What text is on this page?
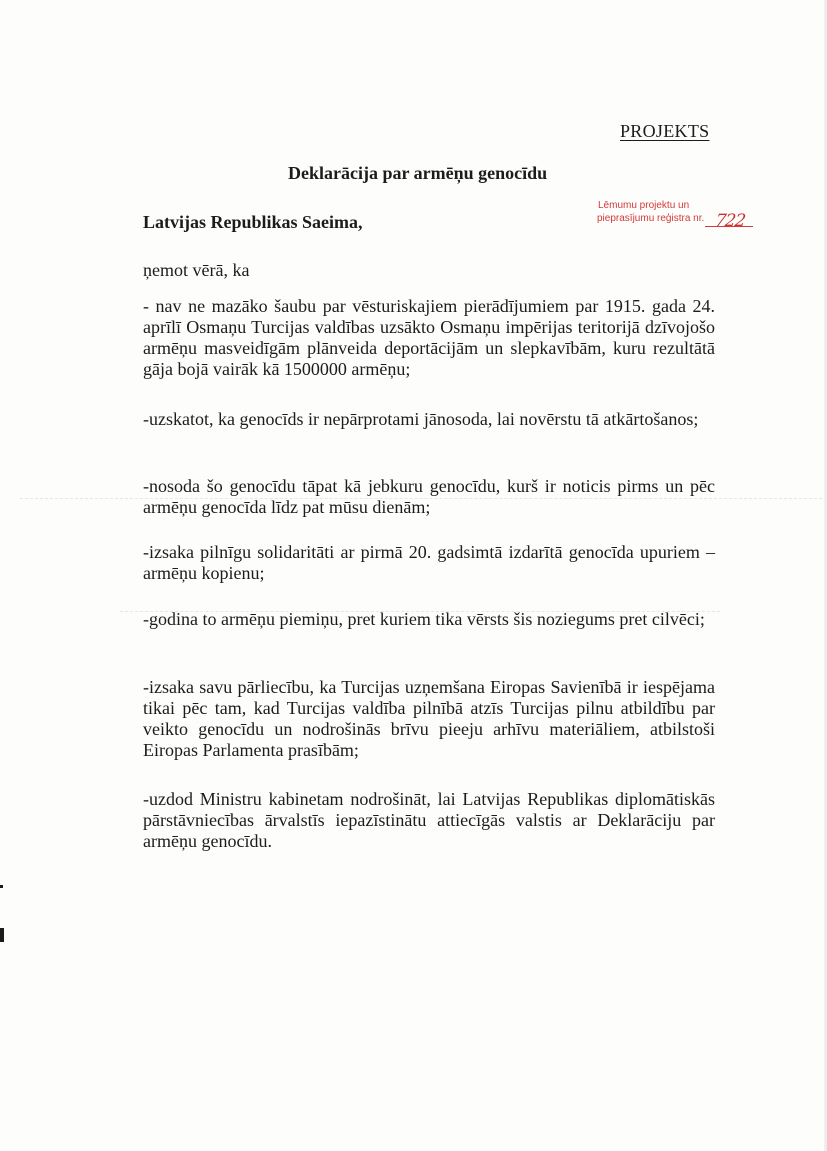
PROJEKTS
Deklarācija par armēņu genocīdu
Lēmumu projektu un
pieprasījumu reģistra nr. 722
Latvijas Republikas Saeima,
ņemot vērā, ka
- nav ne mazāko šaubu par vēsturiskajiem pierādījumiem par 1915. gada 24. aprīlī Osmaņu Turcijas valdības uzsākto Osmaņu impērijas teritorijā dzīvojošo armēņu masveidīgām plānveida deportācijām un slepkavībām, kuru rezultātā gāja bojā vairāk kā 1500000 armēņu;
-uzskatot, ka genocīds ir nepārprotami jānosoda, lai novērstu tā atkārtošanos;
-nosoda šo genocīdu tāpat kā jebkuru genocīdu, kurš ir noticis pirms un pēc armēņu genocīda līdz pat mūsu dienām;
-izsaka pilnīgu solidaritāti ar pirmā 20. gadsimtā izdarītā genocīda upuriem – armēņu kopienu;
-godina to armēņu piemiņu, pret kuriem tika vērsts šis noziegums pret cilvēci;
-izsaka savu pārliecību, ka Turcijas uzņemšana Eiropas Savienībā ir iespējama tikai pēc tam, kad Turcijas valdība pilnībā atzīs Turcijas pilnu atbildību par veikto genocīdu un nodrošinās brīvu pieeju arhīvu materiāliem, atbilstoši Eiropas Parlamenta prasībām;
-uzdod Ministru kabinetam nodrošināt, lai Latvijas Republikas diplomātiskās pārstāvniecības ārvalstīs iepazīstinātu attiecīgās valstis ar Deklarāciju par armēņu genocīdu.
